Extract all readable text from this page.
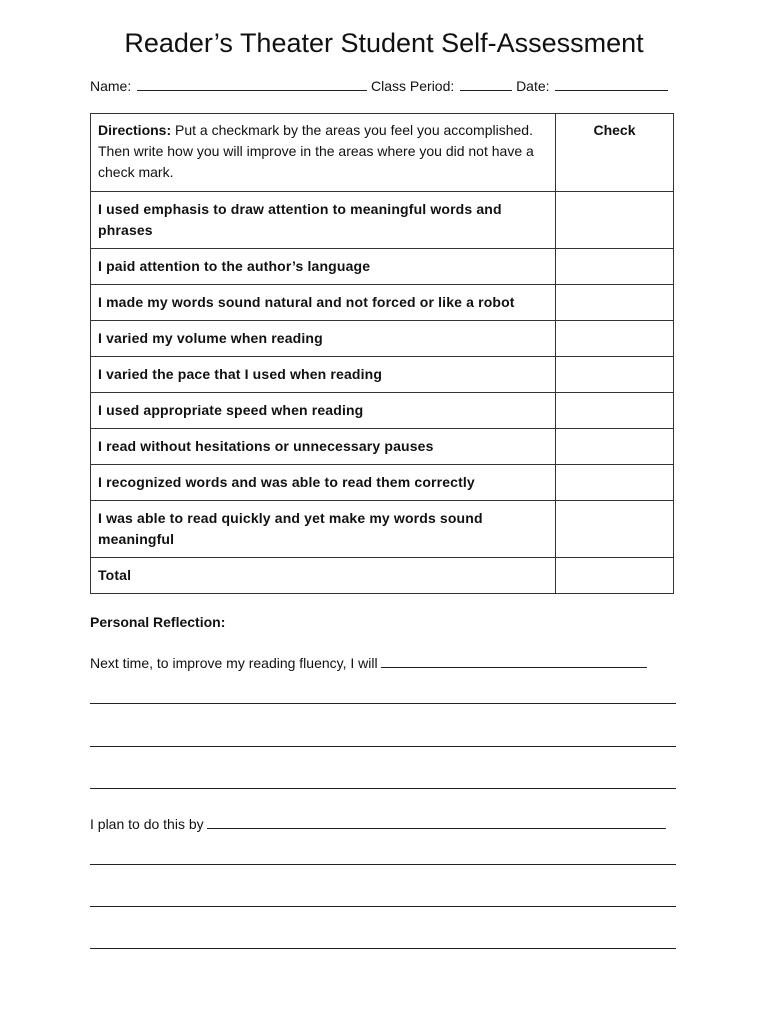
Reader’s Theater Student Self-Assessment
Name:	Class Period:	Date:
Directions: Put a checkmark by the areas you feel you accomplished. Then write how you will improve in the areas where you did not have a check mark.	Check
I used emphasis to draw attention to meaningful words and phrases	
I paid attention to the author’s language	
I made my words sound natural and not forced or like a robot	
I varied my volume when reading	
I varied the pace that I used when reading	
I used appropriate speed when reading	
I read without hesitations or unnecessary pauses	
I recognized words and was able to read them correctly	
I was able to read quickly and yet make my words sound meaningful	
Total	
Personal Reflection:
Next time, to improve my reading fluency, I will
I plan to do this by
